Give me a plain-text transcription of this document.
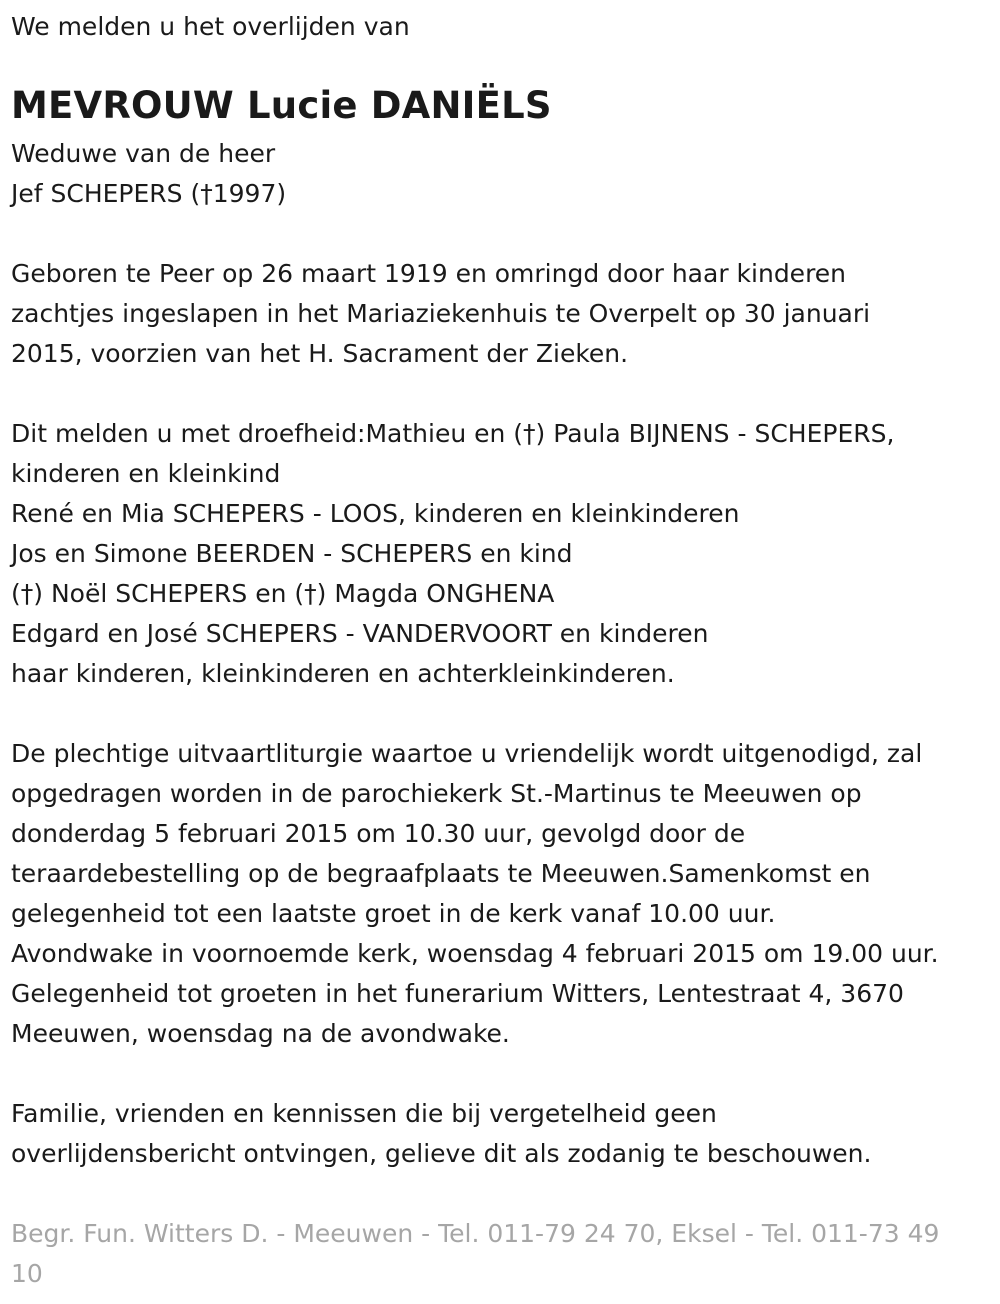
We melden u het overlijden van

MEVROUW Lucie DANIËLS

Weduwe van de heer

Jef SCHEPERS (†1997)

Geboren te Peer op 26 maart 1919 en omringd door haar kinderen

zachtjes ingeslapen in het Mariaziekenhuis te Overpelt op 30 januari

2015, voorzien van het H. Sacrament der Zieken.

Dit melden u met droefheid:Mathieu en (†) Paula BIJNENS - SCHEPERS,

kinderen en kleinkind

René en Mia SCHEPERS - LOOS, kinderen en kleinkinderen

Jos en Simone BEERDEN - SCHEPERS en kind

(†) Noël SCHEPERS en (†) Magda ONGHENA

Edgard en José SCHEPERS - VANDERVOORT en kinderen

haar kinderen, kleinkinderen en achterkleinkinderen.

De plechtige uitvaartliturgie waartoe u vriendelijk wordt uitgenodigd, zal

opgedragen worden in de parochiekerk St.-Martinus te Meeuwen op

donderdag 5 februari 2015 om 10.30 uur, gevolgd door de

teraardebestelling op de begraafplaats te Meeuwen.Samenkomst en

gelegenheid tot een laatste groet in de kerk vanaf 10.00 uur.

Avondwake in voornoemde kerk, woensdag 4 februari 2015 om 19.00 uur.

Gelegenheid tot groeten in het funerarium Witters, Lentestraat 4, 3670

Meeuwen, woensdag na de avondwake.

Familie, vrienden en kennissen die bij vergetelheid geen

overlijdensbericht ontvingen, gelieve dit als zodanig te beschouwen.

Begr. Fun. Witters D. - Meeuwen - Tel. 011-79 24 70, Eksel - Tel. 011-73 49

10
